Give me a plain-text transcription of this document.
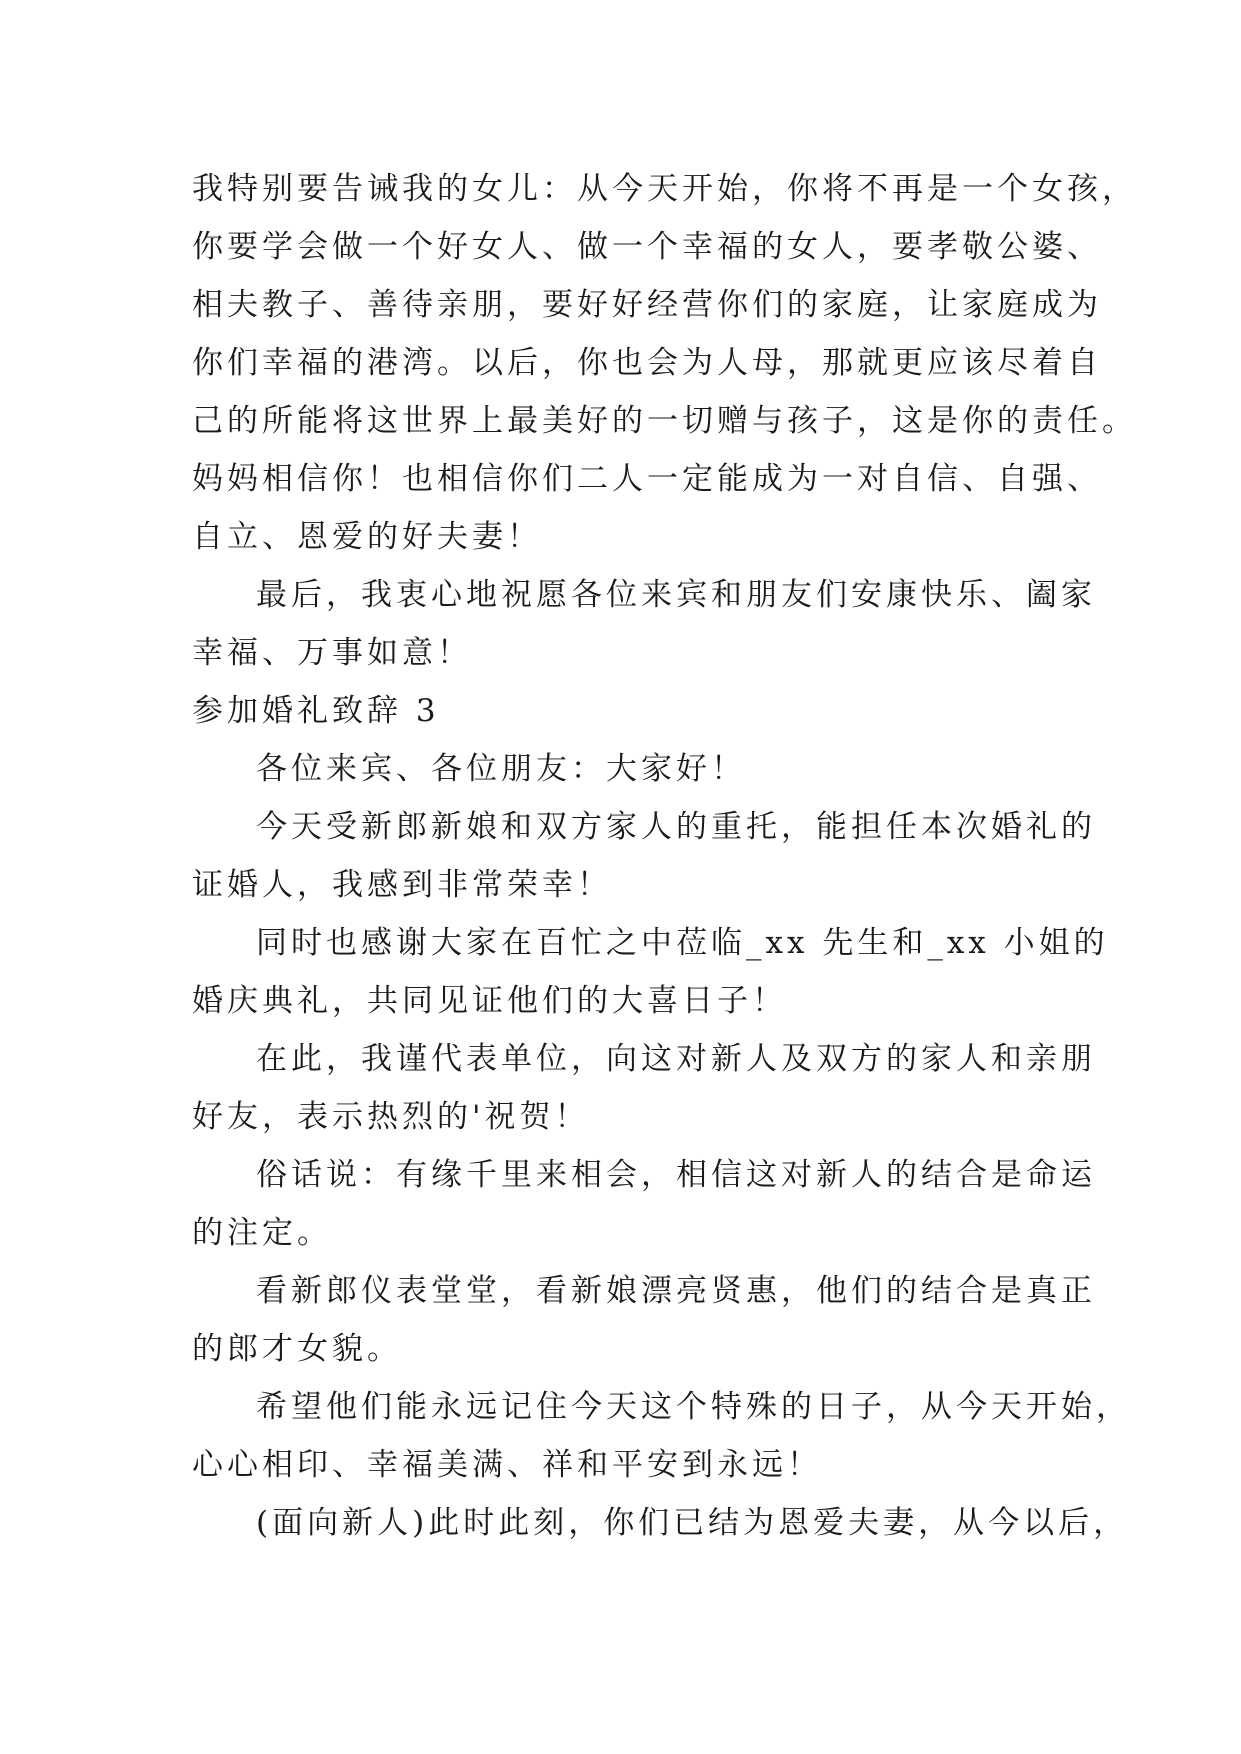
我特别要告诫我的女儿：从今天开始，你将不再是一个女孩，
你要学会做一个好女人、做一个幸福的女人，要孝敬公婆、
相夫教子、善待亲朋，要好好经营你们的家庭，让家庭成为
你们幸福的港湾。以后，你也会为人母，那就更应该尽着自
己的所能将这世界上最美好的一切赠与孩子，这是你的责任。
妈妈相信你！也相信你们二人一定能成为一对自信、自强、
自立、恩爱的好夫妻！
最后，我衷心地祝愿各位来宾和朋友们安康快乐、阖家
幸福、万事如意！
参加婚礼致辞 3
各位来宾、各位朋友：大家好！
今天受新郎新娘和双方家人的重托，能担任本次婚礼的
证婚人，我感到非常荣幸！
同时也感谢大家在百忙之中莅临_xx 先生和_xx 小姐的
婚庆典礼，共同见证他们的大喜日子！
在此，我谨代表单位，向这对新人及双方的家人和亲朋
好友，表示热烈的'祝贺！
俗话说：有缘千里来相会，相信这对新人的结合是命运
的注定。
看新郎仪表堂堂，看新娘漂亮贤惠，他们的结合是真正
的郎才女貌。
希望他们能永远记住今天这个特殊的日子，从今天开始，
心心相印、幸福美满、祥和平安到永远！
(面向新人)此时此刻，你们已结为恩爱夫妻，从今以后，
